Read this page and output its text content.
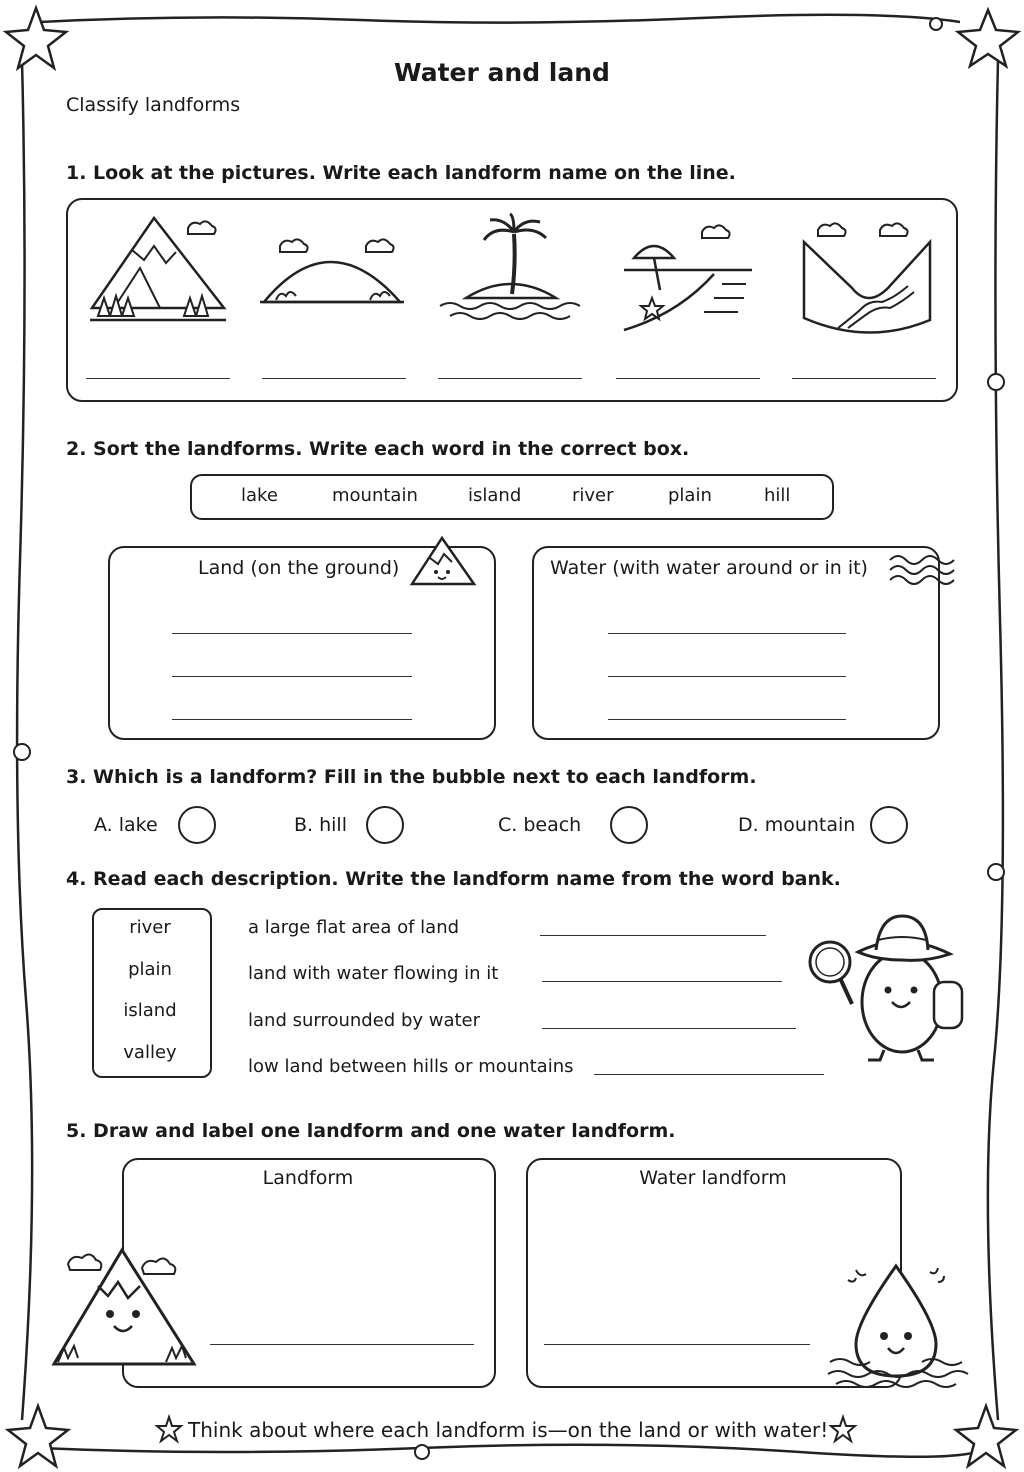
Water and land
Classify landforms
1. Look at the pictures. Write each landform name on the line.
2. Sort the landforms. Write each word in the correct box.
lake	mountain	island	river	plain	hill
Land (on the ground)	Water (with water around or in it)
3. Which is a landform? Fill in the bubble next to each landform.
A. lake	B. hill	C. beach	D. mountain
4. Read each description. Write the landform name from the word bank.
river
plain
island
valley
a large flat area of land
land with water flowing in it
land surrounded by water
low land between hills or mountains
5. Draw and label one landform and one water landform.
Landform	Water landform
Think about where each landform is—on the land or with water!
